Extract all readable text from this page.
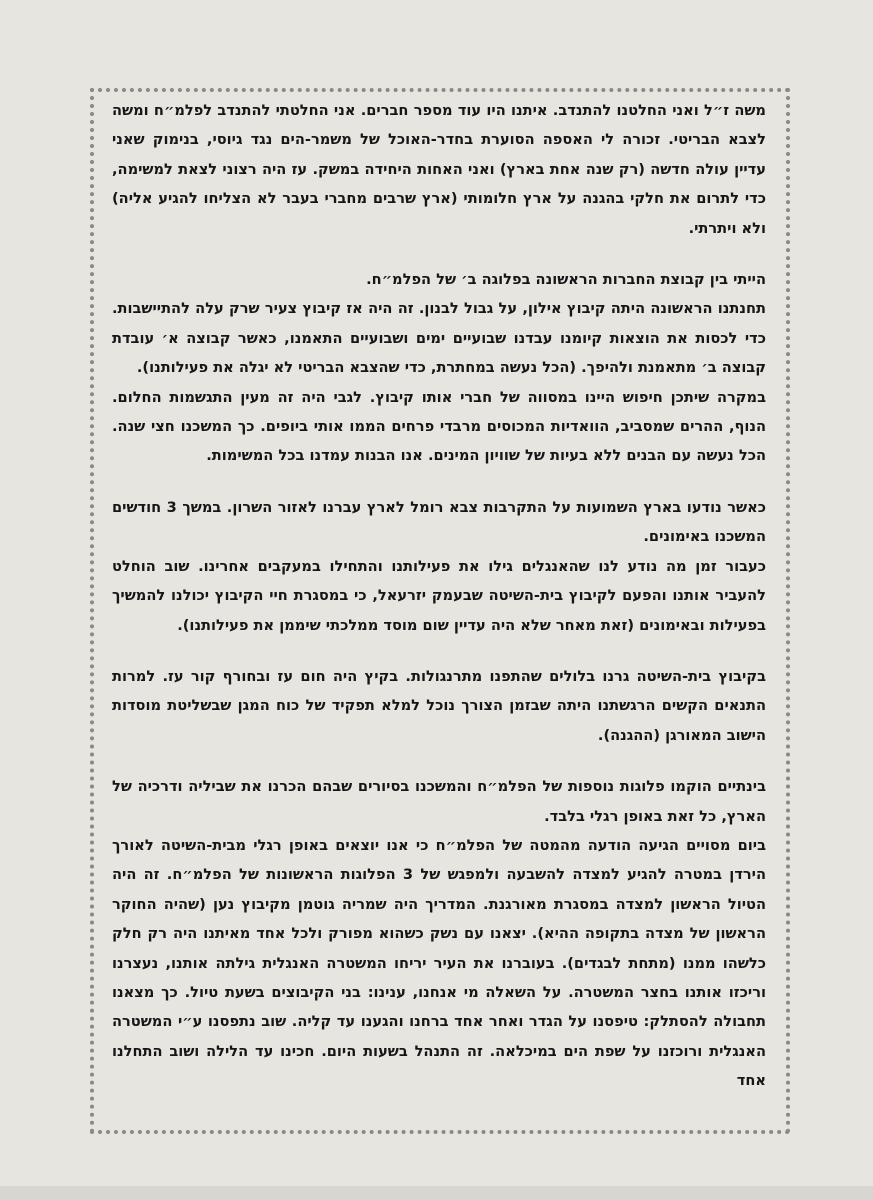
משה ז״ל ואני החלטנו להתנדב. איתנו היו עוד מספר חברים. אני החלטתי להתנדב לפלמ״ח ומשה לצבא הבריטי. זכורה לי האספה הסוערת בחדר-האוכל של משמר-הים נגד גיוסי, בנימוק שאני עדיין עולה חדשה (רק שנה אחת בארץ) ואני האחות היחידה במשק. עז היה רצוני לצאת למשימה, כדי לתרום את חלקי בהגנה על ארץ חלומותי (ארץ שרבים מחברי בעבר לא הצליחו להגיע אליה) ולא ויתרתי.

הייתי בין קבוצת החברות הראשונה בפלוגה ב׳ של הפלמ״ח.

תחנתנו הראשונה היתה קיבוץ אילון, על גבול לבנון. זה היה אז קיבוץ צעיר שרק עלה להתיישבות. כדי לכסות את הוצאות קיומנו עבדנו שבועיים ימים ושבועיים התאמנו, כאשר קבוצה א׳ עובדת קבוצה ב׳ מתאמנת ולהיפך. (הכל נעשה במחתרת, כדי שהצבא הבריטי לא יגלה את פעילותנו).

במקרה שיתכן חיפוש היינו במסווה של חברי אותו קיבוץ. לגבי היה זה מעין התגשמות החלום. הנוף, ההרים שמסביב, הוואדיות המכוסים מרבדי פרחים הממו אותי ביופים. כך המשכנו חצי שנה. הכל נעשה עם הבנים ללא בעיות של שוויון המינים. אנו הבנות עמדנו בכל המשימות.

כאשר נודעו בארץ השמועות על התקרבות צבא רומל לארץ עברנו לאזור השרון. במשך 3 חודשים המשכנו באימונים.

כעבור זמן מה נודע לנו שהאנגלים גילו את פעילותנו והתחילו במעקבים אחרינו. שוב הוחלט להעביר אותנו והפעם לקיבוץ בית-השיטה שבעמק יזרעאל, כי במסגרת חיי הקיבוץ יכולנו להמשיך בפעילות ובאימונים (זאת מאחר שלא היה עדיין שום מוסד ממלכתי שיממן את פעילותנו).

בקיבוץ בית-השיטה גרנו בלולים שהתפנו מתרנגולות. בקיץ היה חום עז ובחורף קור עז. למרות התנאים הקשים הרגשתנו היתה שבזמן הצורך נוכל למלא תפקיד של כוח המגן שבשליטת מוסדות הישוב המאורגן (ההגנה).

בינתיים הוקמו פלוגות נוספות של הפלמ״ח והמשכנו בסיורים שבהם הכרנו את שביליה ודרכיה של הארץ, כל זאת באופן רגלי בלבד.

ביום מסויים הגיעה הודעה מהמטה של הפלמ״ח כי אנו יוצאים באופן רגלי מבית-השיטה לאורך הירדן במטרה להגיע למצדה להשבעה ולמפגש של 3 הפלוגות הראשונות של הפלמ״ח. זה היה הטיול הראשון למצדה במסגרת מאורגנת. המדריך היה שמריה גוטמן מקיבוץ נען (שהיה החוקר הראשון של מצדה בתקופה ההיא). יצאנו עם נשק כשהוא מפורק ולכל אחד מאיתנו היה רק חלק כלשהו ממנו (מתחת לבגדים). בעוברנו את העיר יריחו המשטרה האנגלית גילתה אותנו, נעצרנו וריכזו אותנו בחצר המשטרה. על השאלה מי אנחנו, ענינו: בני הקיבוצים בשעת טיול. כך מצאנו תחבולה להסתלק: טיפסנו על הגדר ואחר אחד ברחנו והגענו עד קליה. שוב נתפסנו ע״י המשטרה האנגלית ורוכזנו על שפת הים במיכלאה. זה התנהל בשעות היום. חכינו עד הלילה ושוב התחלנו אחד
